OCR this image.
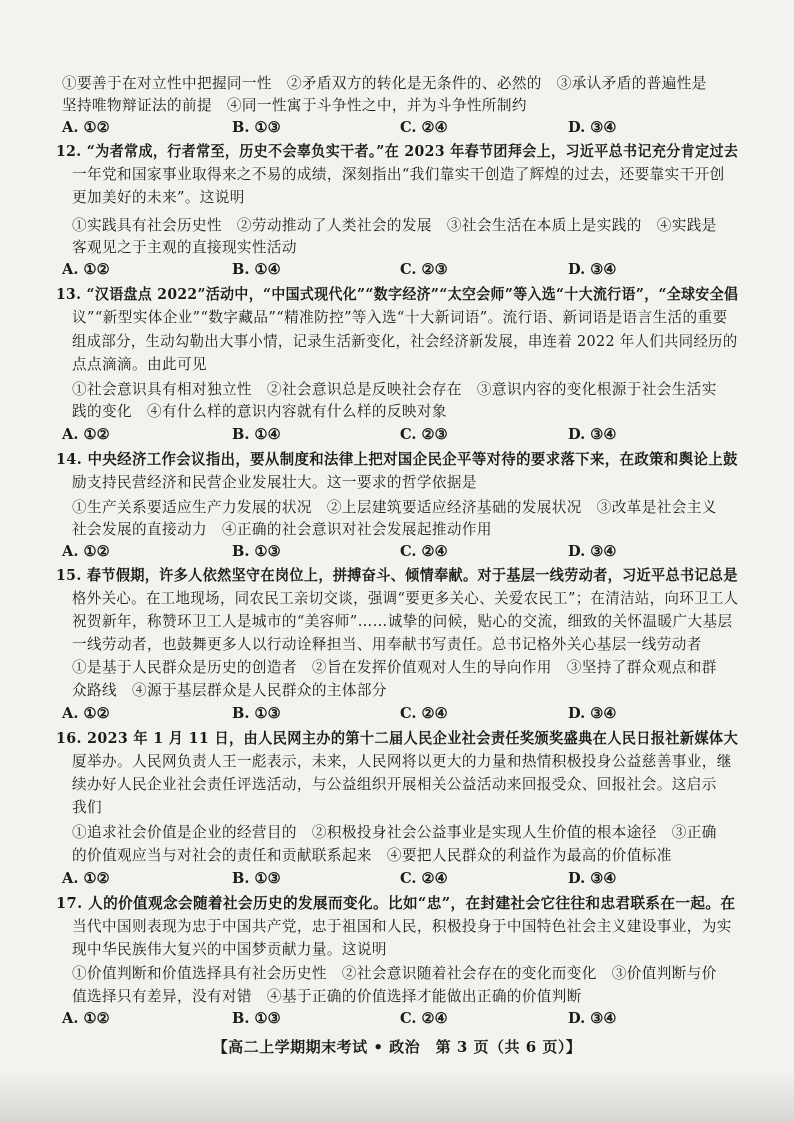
①要善于在对立性中把握同一性　②矛盾双方的转化是无条件的、必然的　③承认矛盾的普遍性是
坚持唯物辩证法的前提　④同一性寓于斗争性之中，并为斗争性所制约
A. ①②	B. ①③	C. ②④	D. ③④
12. “为者常成，行者常至，历史不会辜负实干者。”在 2023 年春节团拜会上，习近平总书记充分肯定过去
一年党和国家事业取得来之不易的成绩，深刻指出“我们靠实干创造了辉煌的过去，还要靠实干开创
更加美好的未来”。这说明
①实践具有社会历史性　②劳动推动了人类社会的发展　③社会生活在本质上是实践的　④实践是
客观见之于主观的直接现实性活动
A. ①②	B. ①④	C. ②③	D. ③④
13. “汉语盘点 2022”活动中，“中国式现代化”“数字经济”“太空会师”等入选“十大流行语”，“全球安全倡
议”“新型实体企业”“数字藏品”“精准防控”等入选“十大新词语”。流行语、新词语是语言生活的重要
组成部分，生动勾勒出大事小情，记录生活新变化，社会经济新发展，串连着 2022 年人们共同经历的
点点滴滴。由此可见
①社会意识具有相对独立性　②社会意识总是反映社会存在　③意识内容的变化根源于社会生活实
践的变化　④有什么样的意识内容就有什么样的反映对象
A. ①②	B. ①④	C. ②③	D. ③④
14. 中央经济工作会议指出，要从制度和法律上把对国企民企平等对待的要求落下来，在政策和舆论上鼓
励支持民营经济和民营企业发展壮大。这一要求的哲学依据是
①生产关系要适应生产力发展的状况　②上层建筑要适应经济基础的发展状况　③改革是社会主义
社会发展的直接动力　④正确的社会意识对社会发展起推动作用
A. ①②	B. ①③	C. ②④	D. ③④
15. 春节假期，许多人依然坚守在岗位上，拼搏奋斗、倾情奉献。对于基层一线劳动者，习近平总书记总是
格外关心。在工地现场，同农民工亲切交谈，强调“要更多关心、关爱农民工”；在清洁站，向环卫工人
祝贺新年，称赞环卫工人是城市的“美容师”……诚挚的问候，贴心的交流，细致的关怀温暖广大基层
一线劳动者，也鼓舞更多人以行动诠释担当、用奉献书写责任。总书记格外关心基层一线劳动者
①是基于人民群众是历史的创造者　②旨在发挥价值观对人生的导向作用　③坚持了群众观点和群
众路线　④源于基层群众是人民群众的主体部分
A. ①②	B. ①③	C. ②④	D. ③④
16. 2023 年 1 月 11 日，由人民网主办的第十二届人民企业社会责任奖颁奖盛典在人民日报社新媒体大
厦举办。人民网负责人王一彪表示，未来，人民网将以更大的力量和热情积极投身公益慈善事业，继
续办好人民企业社会责任评选活动，与公益组织开展相关公益活动来回报受众、回报社会。这启示
我们
①追求社会价值是企业的经营目的　②积极投身社会公益事业是实现人生价值的根本途径　③正确
的价值观应当与对社会的责任和贡献联系起来　④要把人民群众的利益作为最高的价值标准
A. ①②	B. ①③	C. ②④	D. ③④
17. 人的价值观念会随着社会历史的发展而变化。比如“忠”，在封建社会它往往和忠君联系在一起。在
当代中国则表现为忠于中国共产党，忠于祖国和人民，积极投身于中国特色社会主义建设事业，为实
现中华民族伟大复兴的中国梦贡献力量。这说明
①价值判断和价值选择具有社会历史性　②社会意识随着社会存在的变化而变化　③价值判断与价
值选择只有差异，没有对错　④基于正确的价值选择才能做出正确的价值判断
A. ①②	B. ①③	C. ②④	D. ③④
【高二上学期期末考试 • 政治　第 3 页（共 6 页）】
